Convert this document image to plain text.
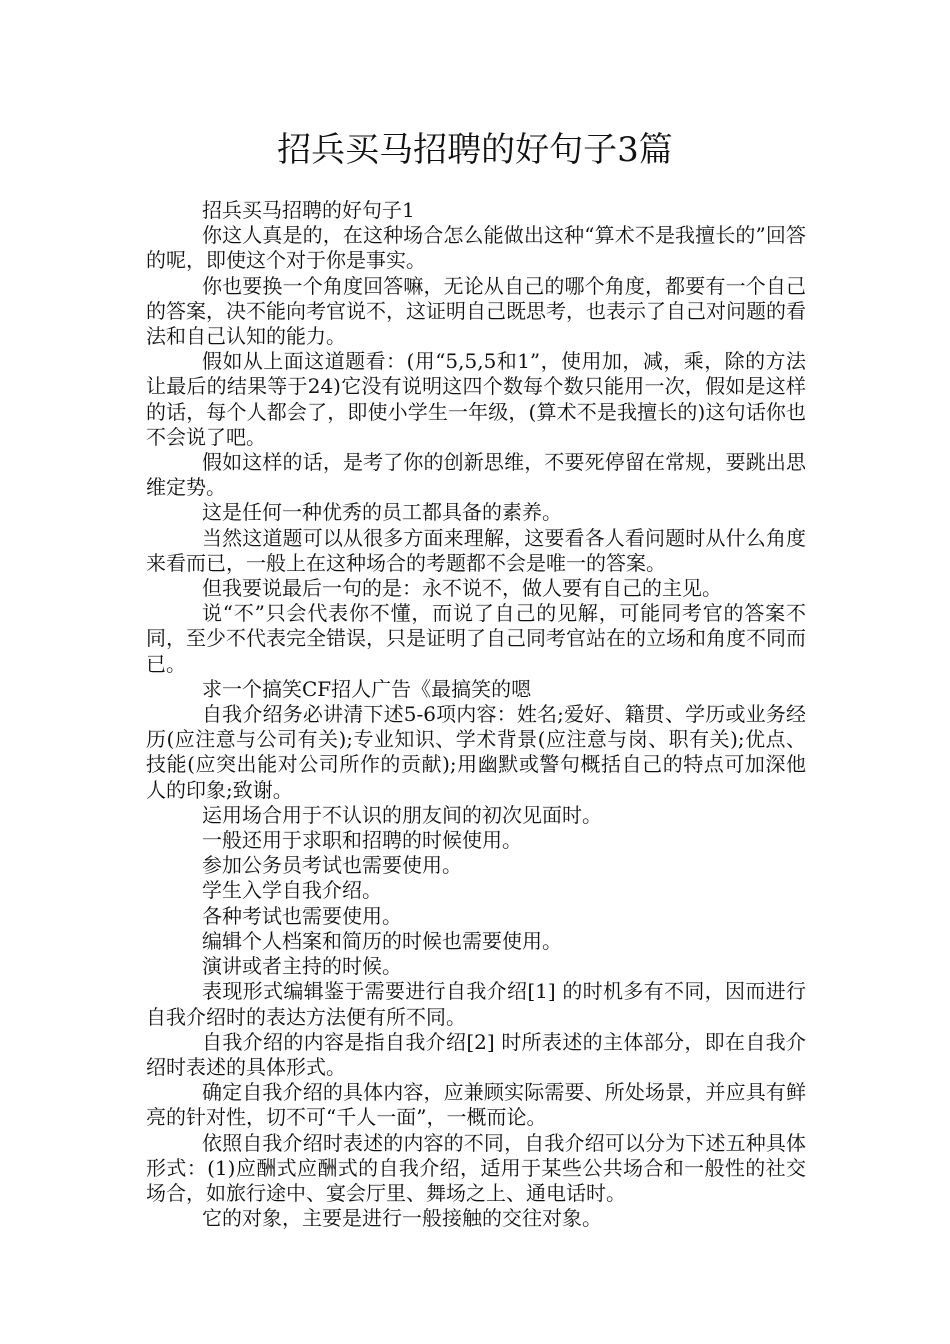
招兵买马招聘的好句子3篇

招兵买马招聘的好句子1

你这人真是的，在这种场合怎么能做出这种“算术不是我擅长的”回答的呢，即使这个对于你是事实。

你也要换一个角度回答嘛，无论从自己的哪个角度，都要有一个自己的答案，决不能向考官说不，这证明自己既思考，也表示了自己对问题的看法和自己认知的能力。

假如从上面这道题看：(用“5,5,5和1”，使用加，减，乘，除的方法让最后的结果等于24)它没有说明这四个数每个数只能用一次，假如是这样的话，每个人都会了，即使小学生一年级，(算术不是我擅长的)这句话你也不会说了吧。

假如这样的话，是考了你的创新思维，不要死停留在常规，要跳出思维定势。

这是任何一种优秀的员工都具备的素养。

当然这道题可以从很多方面来理解，这要看各人看问题时从什么角度来看而已，一般上在这种场合的考题都不会是唯一的答案。

但我要说最后一句的是：永不说不，做人要有自己的主见。

说“不”只会代表你不懂，而说了自己的见解，可能同考官的答案不同，至少不代表完全错误，只是证明了自己同考官站在的立场和角度不同而已。

求一个搞笑CF招人广告《最搞笑的嗯

自我介绍务必讲清下述5-6项内容：姓名;爱好、籍贯、学历或业务经历(应注意与公司有关);专业知识、学术背景(应注意与岗、职有关);优点、技能(应突出能对公司所作的贡献);用幽默或警句概括自己的特点可加深他人的印象;致谢。

运用场合用于不认识的朋友间的初次见面时。

一般还用于求职和招聘的时候使用。

参加公务员考试也需要使用。

学生入学自我介绍。

各种考试也需要使用。

编辑个人档案和简历的时候也需要使用。

演讲或者主持的时候。

表现形式编辑鉴于需要进行自我介绍[1] 的时机多有不同，因而进行自我介绍时的表达方法便有所不同。

自我介绍的内容是指自我介绍[2] 时所表述的主体部分，即在自我介绍时表述的具体形式。

确定自我介绍的具体内容，应兼顾实际需要、所处场景，并应具有鲜亮的针对性，切不可“千人一面”，一概而论。

依照自我介绍时表述的内容的不同，自我介绍可以分为下述五种具体形式：(1)应酬式应酬式的自我介绍，适用于某些公共场合和一般性的社交场合，如旅行途中、宴会厅里、舞场之上、通电话时。

它的对象，主要是进行一般接触的交往对象。
